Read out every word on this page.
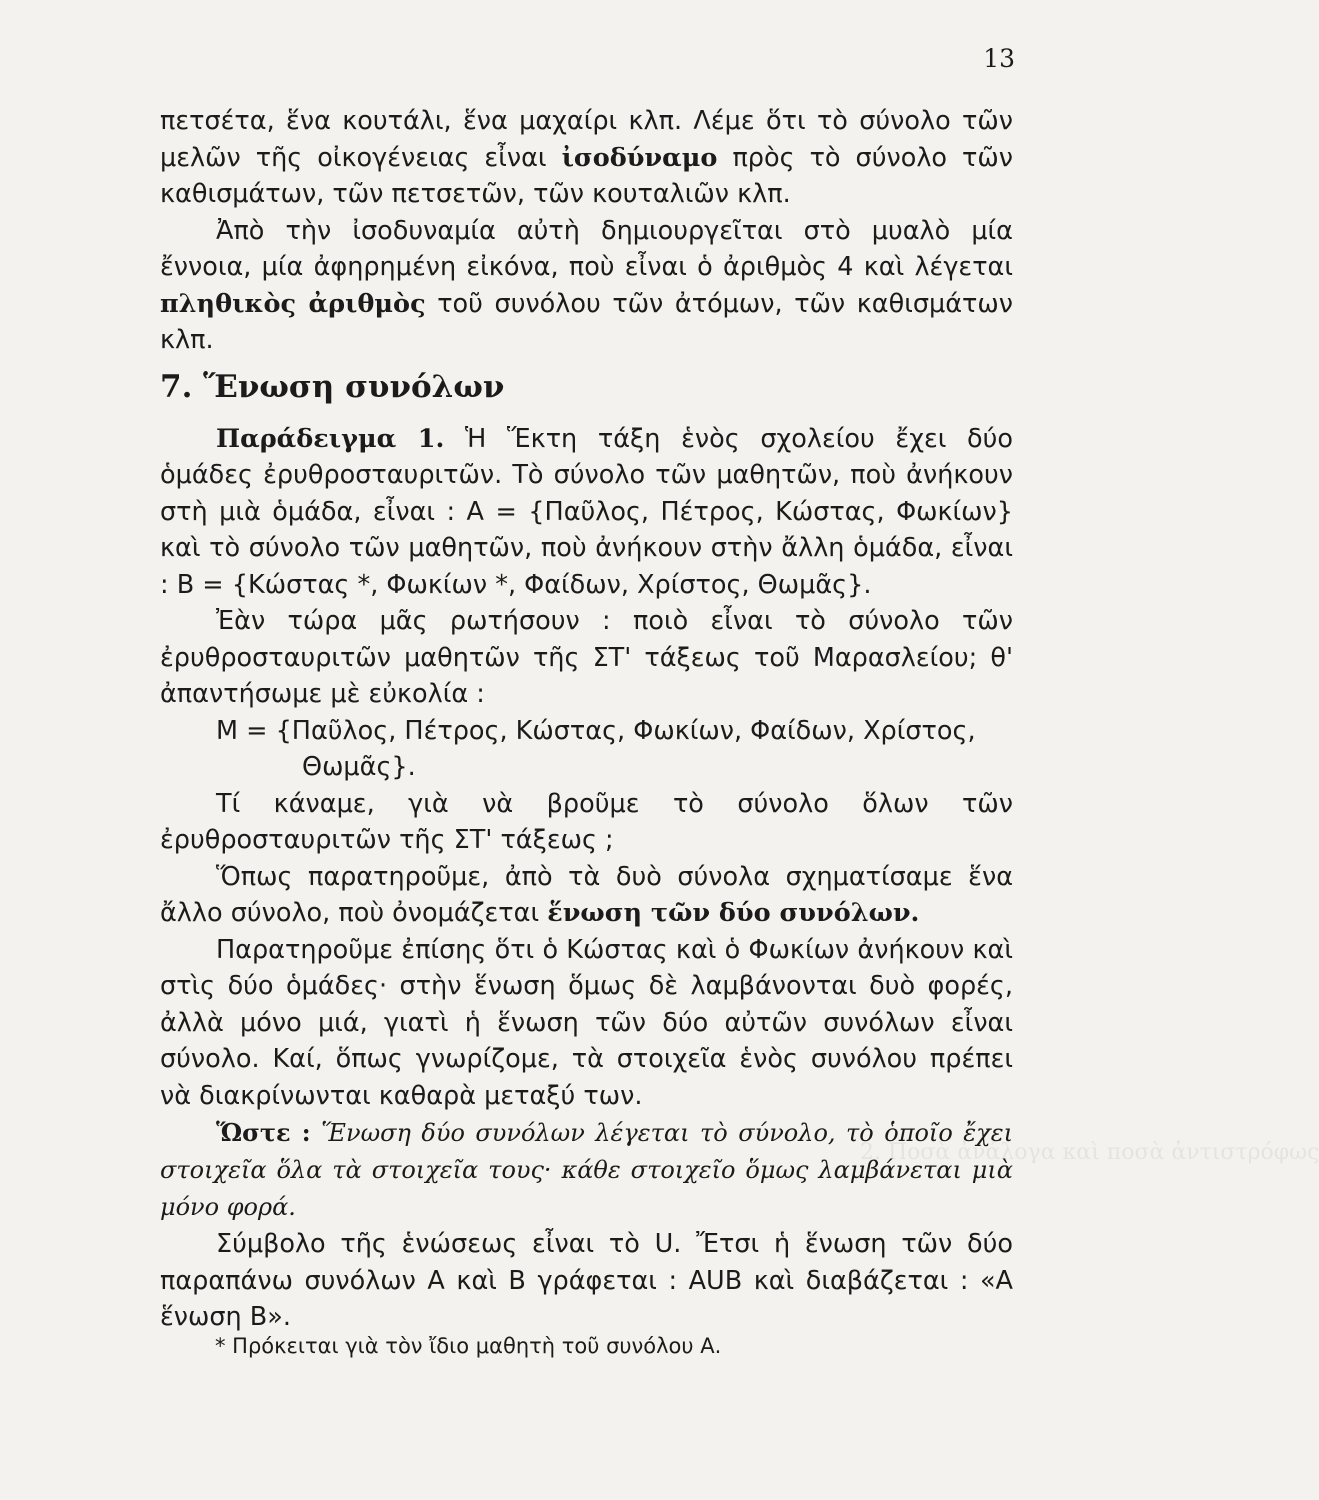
2. Ποσὰ ἀνάλογα καὶ ποσὰ ἀντιστρόφως
13

πετσέτα, ἕνα κουτάλι, ἕνα μαχαίρι κλπ. Λέμε ὅτι τὸ σύνολο τῶν μελῶν τῆς οἰκογένειας εἶναι ἰσοδύναμο πρὸς τὸ σύνολο τῶν καθισμάτων, τῶν πετσετῶν, τῶν κουταλιῶν κλπ.

Ἀπὸ τὴν ἰσοδυναμία αὐτὴ δημιουργεῖται στὸ μυαλὸ μία ἔννοια, μία ἀφηρημένη εἰκόνα, ποὺ εἶναι ὁ ἀριθμὸς 4 καὶ λέγεται πληθικὸς ἀριθμὸς τοῦ συνόλου τῶν ἀτόμων, τῶν καθισμάτων κλπ.

7. Ἕνωση συνόλων

Παράδειγμα 1. Ἡ Ἕκτη τάξη ἑνὸς σχολείου ἔχει δύο ὁμάδες ἐρυθροσταυριτῶν. Τὸ σύνολο τῶν μαθητῶν, ποὺ ἀνήκουν στὴ μιὰ ὁμάδα, εἶναι : Α = {Παῦλος, Πέτρος, Κώστας, Φωκίων} καὶ τὸ σύνολο τῶν μαθητῶν, ποὺ ἀνήκουν στὴν ἄλλη ὁμάδα, εἶναι : Β = {Κώστας *, Φωκίων *, Φαίδων, Χρίστος, Θωμᾶς}.

Ἐὰν τώρα μᾶς ρωτήσουν : ποιὸ εἶναι τὸ σύνολο τῶν ἐρυθροσταυριτῶν μαθητῶν τῆς ΣΤ' τάξεως τοῦ Μαρασλείου; θ' ἀπαντήσωμε μὲ εὐκολία :

Μ = {Παῦλος, Πέτρος, Κώστας, Φωκίων, Φαίδων, Χρίστος,

Θωμᾶς}.

Τί κάναμε, γιὰ νὰ βροῦμε τὸ σύνολο ὅλων τῶν ἐρυθροσταυριτῶν τῆς ΣΤ' τάξεως ;

Ὅπως παρατηροῦμε, ἀπὸ τὰ δυὸ σύνολα σχηματίσαμε ἕνα ἄλλο σύνολο, ποὺ ὀνομάζεται ἕνωση τῶν δύο συνόλων.

Παρατηροῦμε ἐπίσης ὅτι ὁ Κώστας καὶ ὁ Φωκίων ἀνήκουν καὶ στὶς δύο ὁμάδες· στὴν ἕνωση ὅμως δὲ λαμβάνονται δυὸ φορές, ἀλλὰ μόνο μιά, γιατὶ ἡ ἕνωση τῶν δύο αὐτῶν συνόλων εἶναι σύνολο. Καί, ὅπως γνωρίζομε, τὰ στοιχεῖα ἑνὸς συνόλου πρέπει νὰ διακρίνωνται καθαρὰ μεταξύ των.

Ὥστε : Ἕνωση δύο συνόλων λέγεται τὸ σύνολο, τὸ ὁποῖο ἔχει στοιχεῖα ὅλα τὰ στοιχεῖα τους· κάθε στοιχεῖο ὅμως λαμβάνεται μιὰ μόνο φορά.

Σύμβολο τῆς ἑνώσεως εἶναι τὸ U. Ἔτσι ἡ ἕνωση τῶν δύο παραπάνω συνόλων Α καὶ Β γράφεται : AUB καὶ διαβάζεται : «Α ἕνωση Β».

* Πρόκειται γιὰ τὸν ἴδιο μαθητὴ τοῦ συνόλου Α.
